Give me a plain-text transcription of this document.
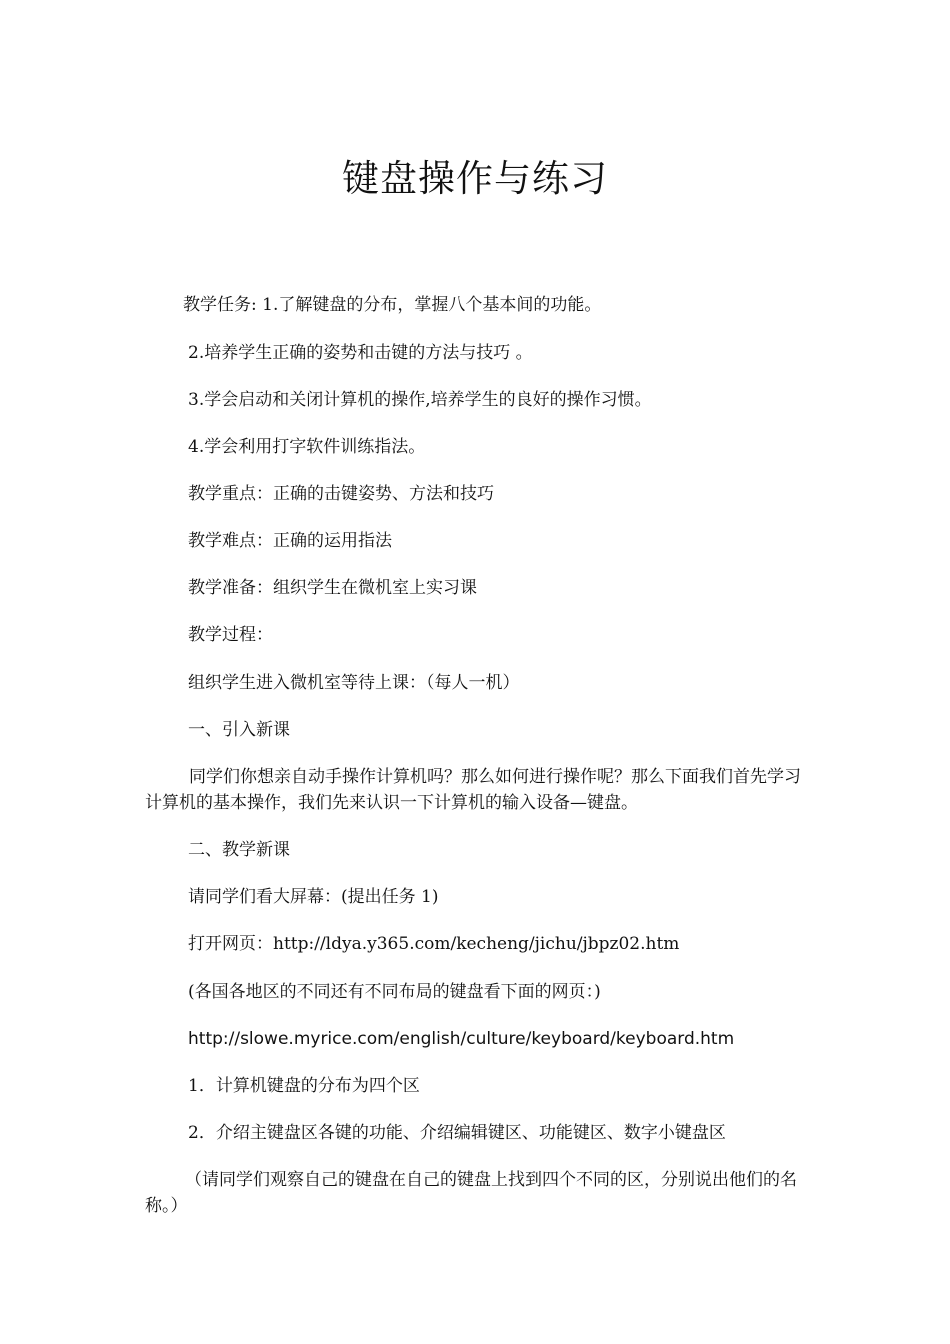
键盘操作与练习

教学任务: 1.了解键盘的分布，掌握八个基本间的功能。

2.培养学生正确的姿势和击键的方法与技巧 。

3.学会启动和关闭计算机的操作,培养学生的良好的操作习惯。

4.学会利用打字软件训练指法。

教学重点：正确的击键姿势、方法和技巧

教学难点：正确的运用指法

教学准备：组织学生在微机室上实习课

教学过程：

组织学生进入微机室等待上课：（每人一机）

一、引入新课

同学们你想亲自动手操作计算机吗？那么如何进行操作呢？那么下面我们首先学习计算机的基本操作，我们先来认识一下计算机的输入设备—键盘。

二、教学新课

请同学们看大屏幕：(提出任务 1)

打开网页：http://ldya.y365.com/kecheng/jichu/jbpz02.htm

(各国各地区的不同还有不同布局的键盘看下面的网页：)

http://slowe.myrice.com/english/culture/keyboard/keyboard.htm

1．计算机键盘的分布为四个区

2．介绍主键盘区各键的功能、介绍编辑键区、功能键区、数字小键盘区

（请同学们观察自己的键盘在自己的键盘上找到四个不同的区，分别说出他们的名称。）
